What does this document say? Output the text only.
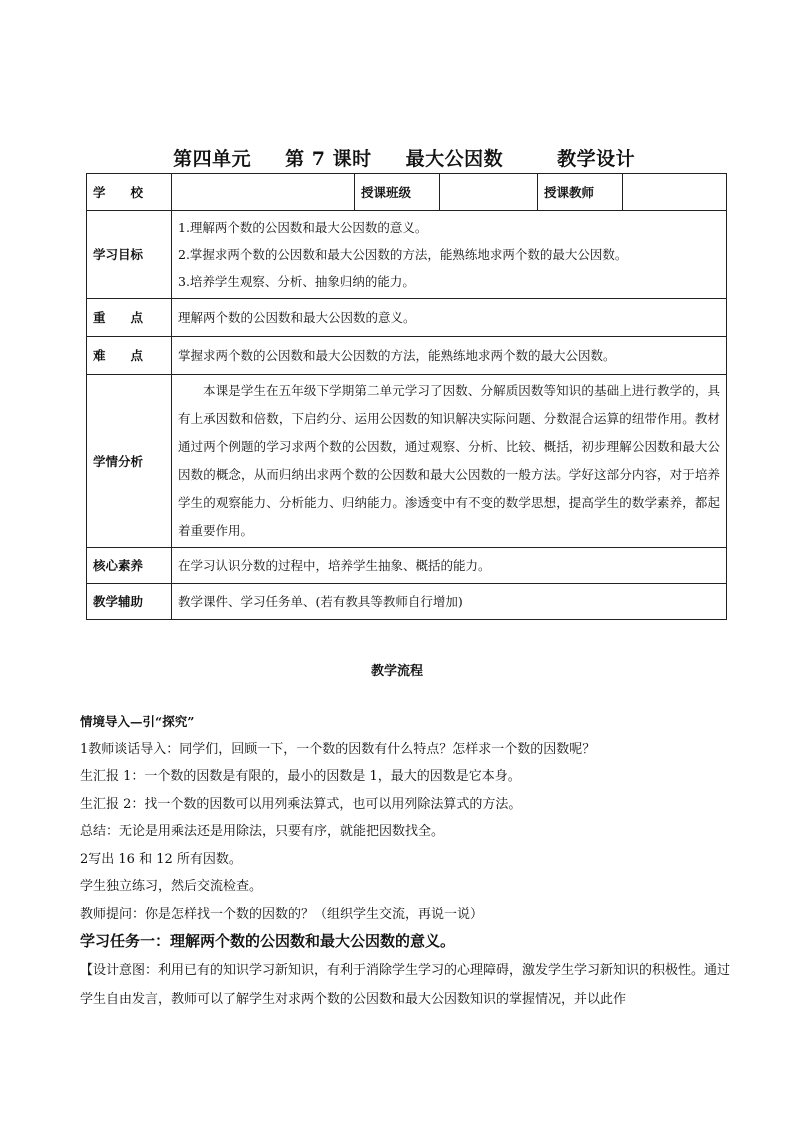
第四单元 第 7 课时 最大公因数	教学设计

学　　校		授课班级		授课教师	
学习目标	1.理解两个数的公因数和最大公因数的意义。
2.掌握求两个数的公因数和最大公因数的方法，能熟练地求两个数的最大公因数。
3.培养学生观察、分析、抽象归纳的能力。				

重　　点	理解两个数的公因数和最大公因数的意义。				
难　　点	掌握求两个数的公因数和最大公因数的方法，能熟练地求两个数的最大公因数。				
学情分析	本课是学生在五年级下学期第二单元学习了因数、分解质因数等知识的基础上进行教学的，具有上承因数和倍数，下启约分、运用公因数的知识解决实际问题、分数混合运算的纽带作用。教材通过两个例题的学习求两个数的公因数，通过观察、分析、比较、概括，初步理解公因数和最大公因数的概念，从而归纳出求两个数的公因数和最大公因数的一般方法。学好这部分内容，对于培养学生的观察能力、分析能力、归纳能力。渗透变中有不变的数学思想，提高学生的数学素养，都起着重要作用。				

核心素养	在学习认识分数的过程中，培养学生抽象、概括的能力。				
教学辅助	教学课件、学习任务单、(若有教具等教师自行增加)				
教学流程

情境导入—引“探究”

1教师谈话导入：同学们，回顾一下，一个数的因数有什么特点？怎样求一个数的因数呢？

生汇报 1：一个数的因数是有限的，最小的因数是 1，最大的因数是它本身。

生汇报 2：找一个数的因数可以用列乘法算式，也可以用列除法算式的方法。

总结：无论是用乘法还是用除法，只要有序，就能把因数找全。

2写出 16 和 12 所有因数。

学生独立练习，然后交流检查。

教师提问：你是怎样找一个数的因数的？（组织学生交流，再说一说）

学习任务一：理解两个数的公因数和最大公因数的意义。

【设计意图：利用已有的知识学习新知识，有利于消除学生学习的心理障碍，激发学生学习新知识的积极性。通过学生自由发言，教师可以了解学生对求两个数的公因数和最大公因数知识的掌握情况，并以此作
